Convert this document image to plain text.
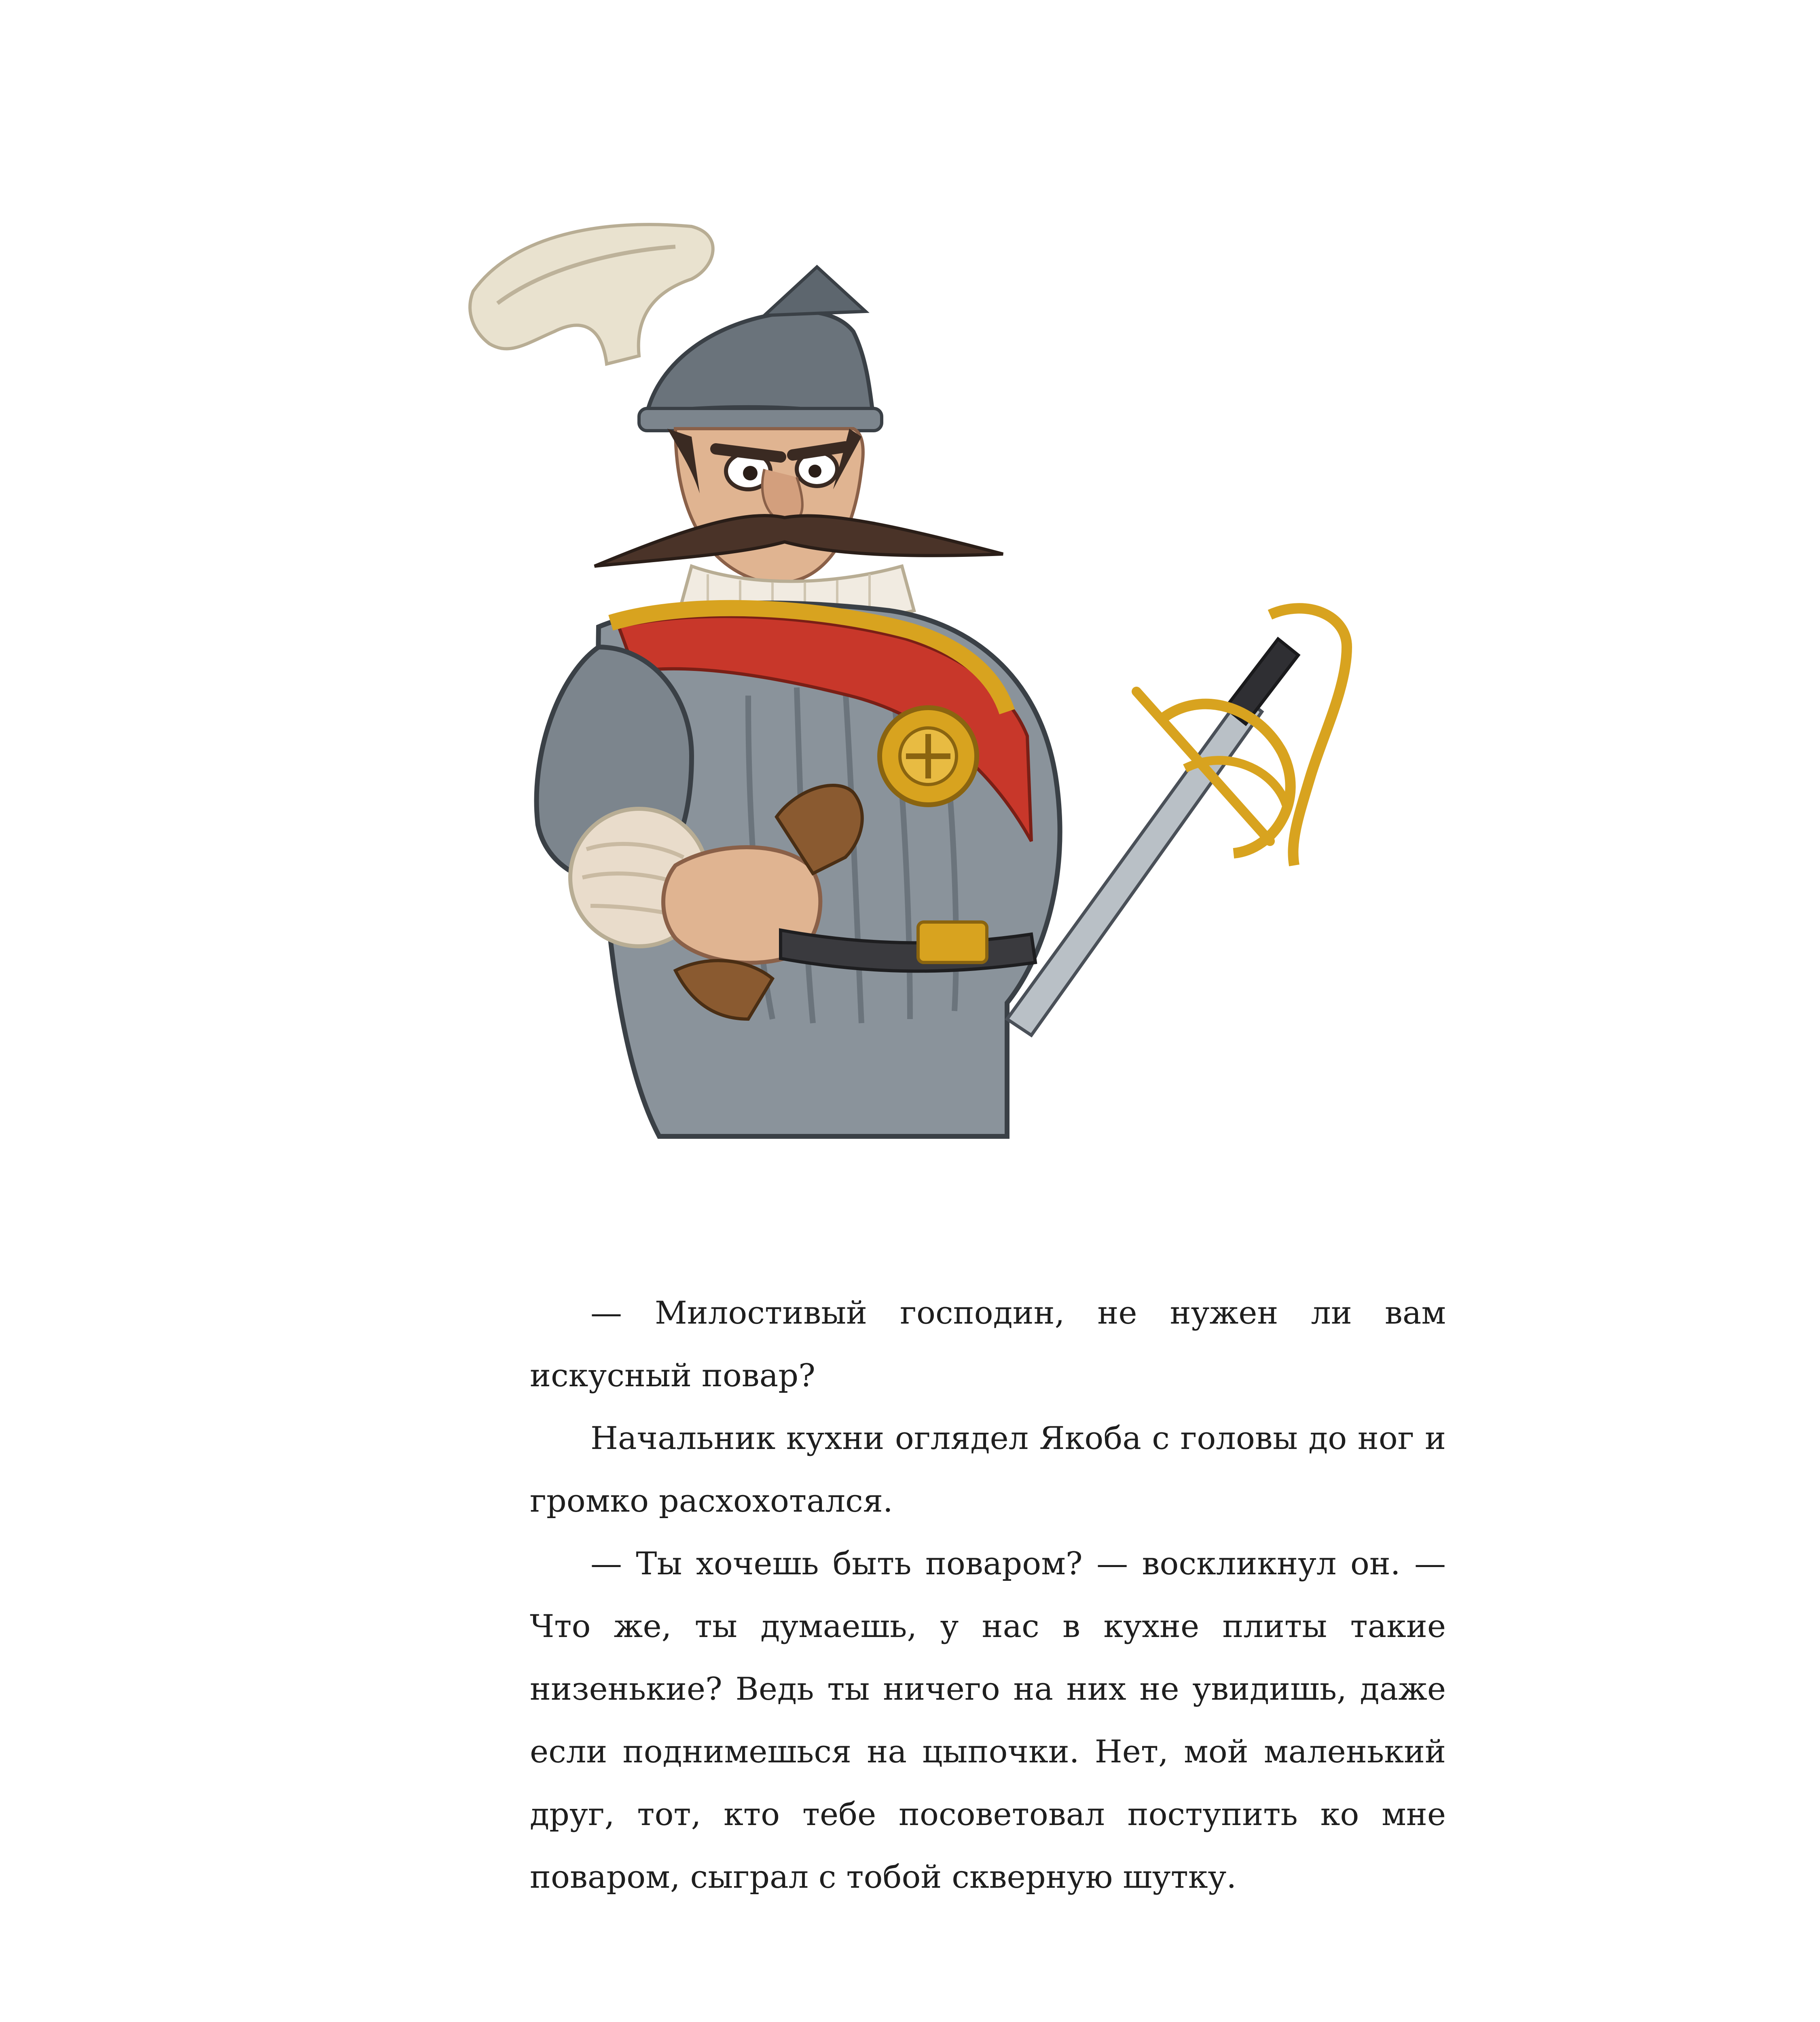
— Милостивый господин, не нужен ли вам искусный повар?

Начальник кухни оглядел Якоба с головы до ног и громко расхохотался.

— Ты хочешь быть поваром? — воскликнул он. — Что же, ты думаешь, у нас в кухне плиты такие низенькие? Ведь ты ничего на них не увидишь, даже если поднимешься на цыпочки. Нет, мой маленький друг, тот, кто тебе посоветовал поступить ко мне поваром, сыграл с тобой скверную шутку.
